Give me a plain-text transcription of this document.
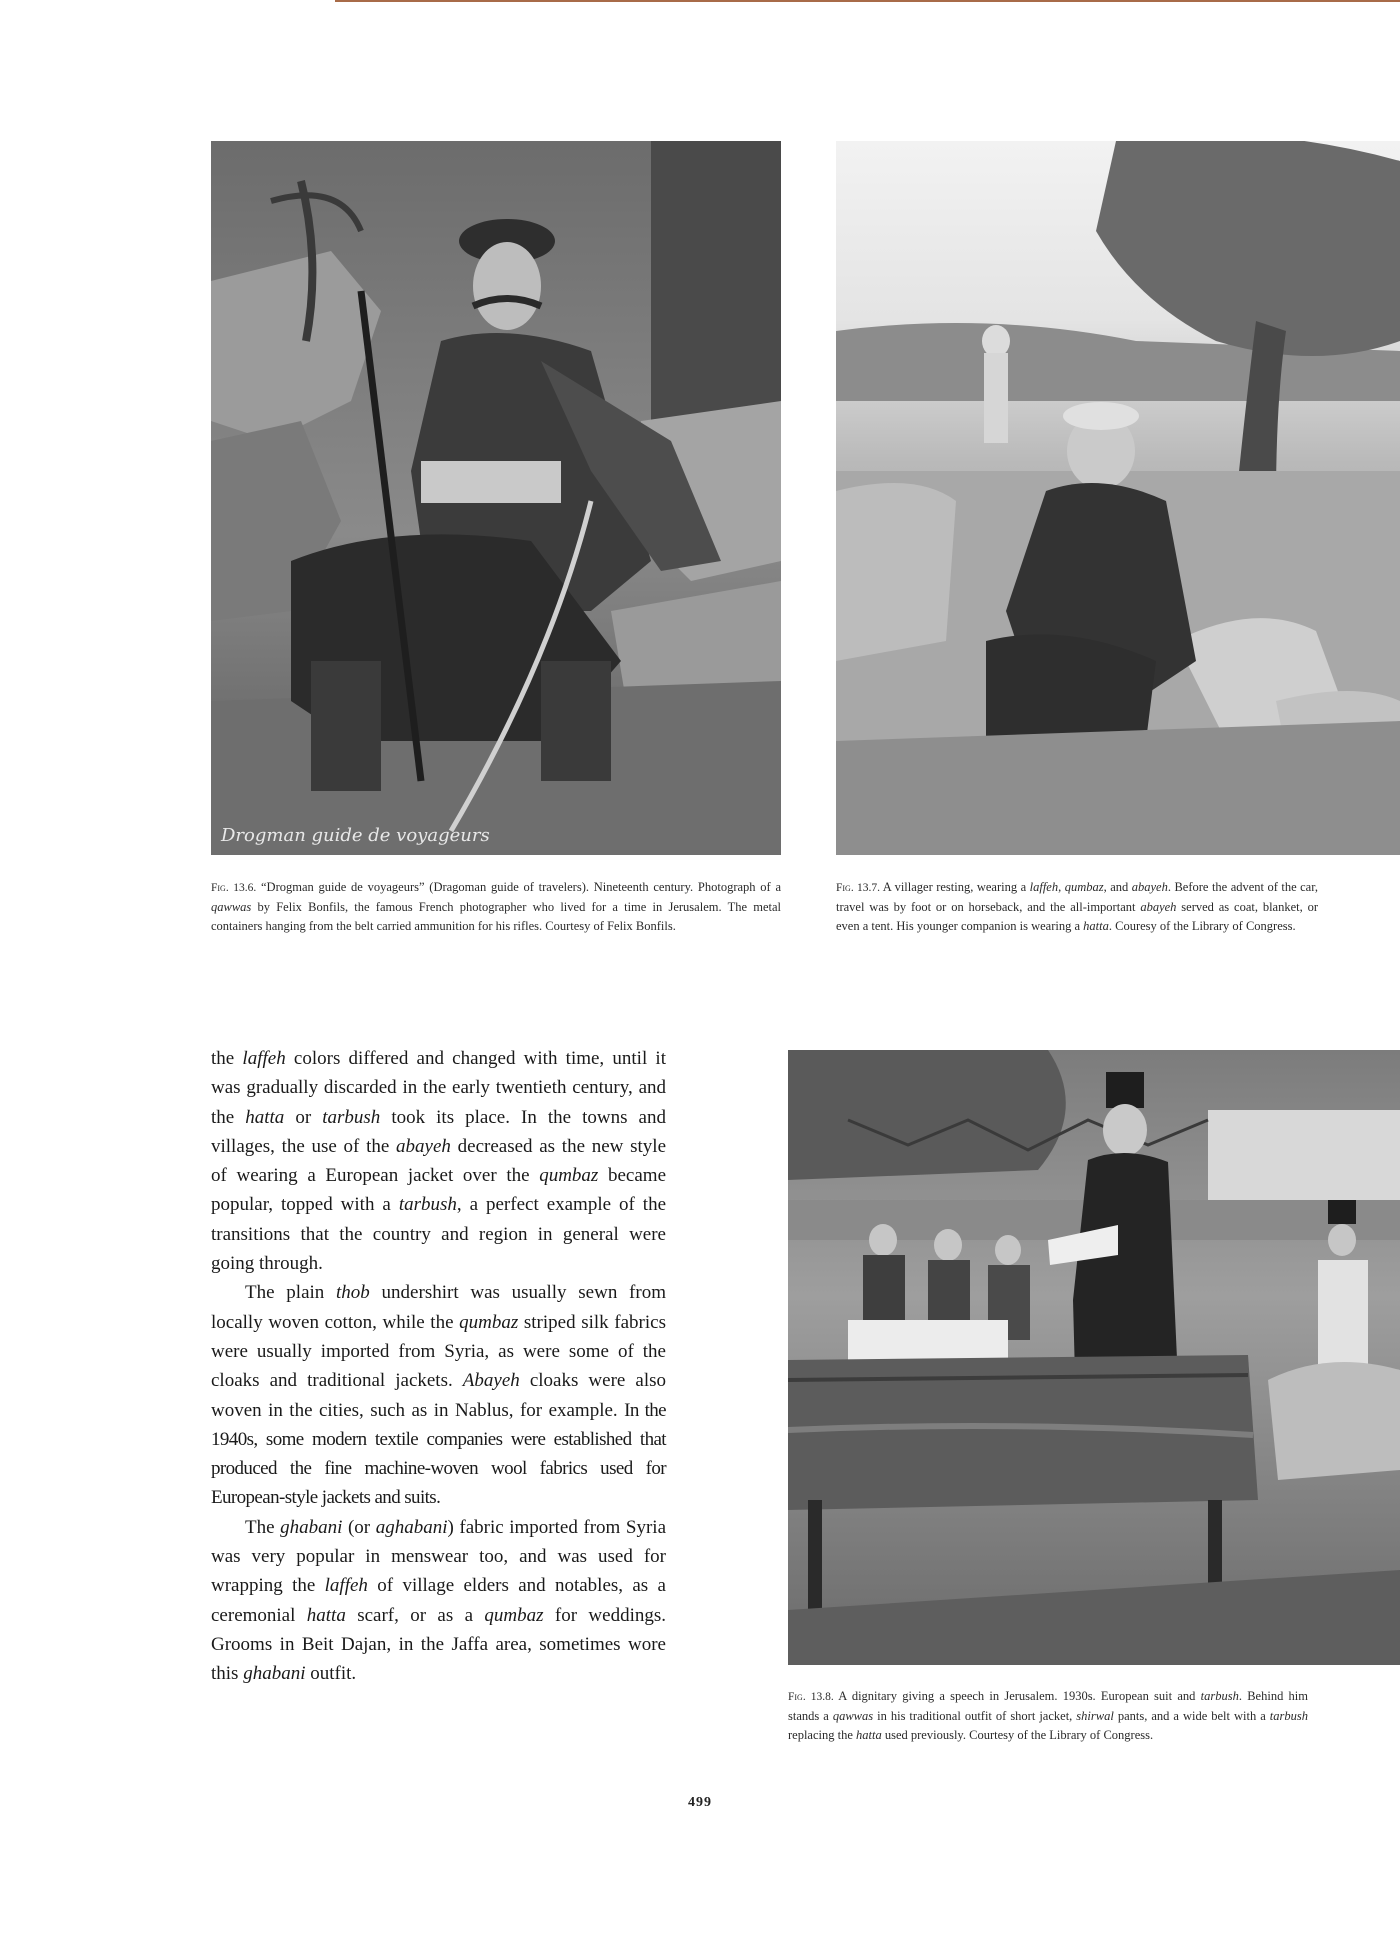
Drogman guide de voyageurs
Fig. 13.6. “Drogman guide de voyageurs” (Dragoman guide of travelers). Nineteenth century. Photograph of a qawwas by Felix Bonfils, the famous French photographer who lived for a time in Jerusalem. The metal containers hanging from the belt carried ammunition for his rifles. Courtesy of Felix Bonfils.
Fig. 13.7. A villager resting, wearing a laffeh, qumbaz, and abayeh. Before the advent of the car, travel was by foot or on horseback, and the all-important abayeh served as coat, blanket, or even a tent. His younger companion is wearing a hatta. Couresy of the Library of Congress.
Fig. 13.8. A dignitary giving a speech in Jerusalem. 1930s. European suit and tarbush. Behind him stands a qawwas in his traditional outfit of short jacket, shirwal pants, and a wide belt with a tarbush replacing the hatta used previously. Courtesy of the Library of Congress.

the laffeh colors differed and changed with time, until it was gradually discarded in the early twentieth century, and the hatta or tarbush took its place. In the towns and villages, the use of the abayeh decreased as the new style of wearing a European jacket over the qumbaz became popular, topped with a tarbush, a perfect example of the transitions that the country and region in general were going through.

The plain thob undershirt was usually sewn from locally woven cotton, while the qumbaz striped silk fabrics were usually imported from Syria, as were some of the cloaks and traditional jackets. Abayeh cloaks were also woven in the cities, such as in Nablus, for example. In the 1940s, some modern textile companies were established that produced the fine machine-woven wool fabrics used for European-style jackets and suits.

The ghabani (or aghabani) fabric imported from Syria was very popular in menswear too, and was used for wrapping the laffeh of village elders and notables, as a ceremonial hatta scarf, or as a qumbaz for weddings. Grooms in Beit Dajan, in the Jaffa area, sometimes wore this ghabani outfit.

499
